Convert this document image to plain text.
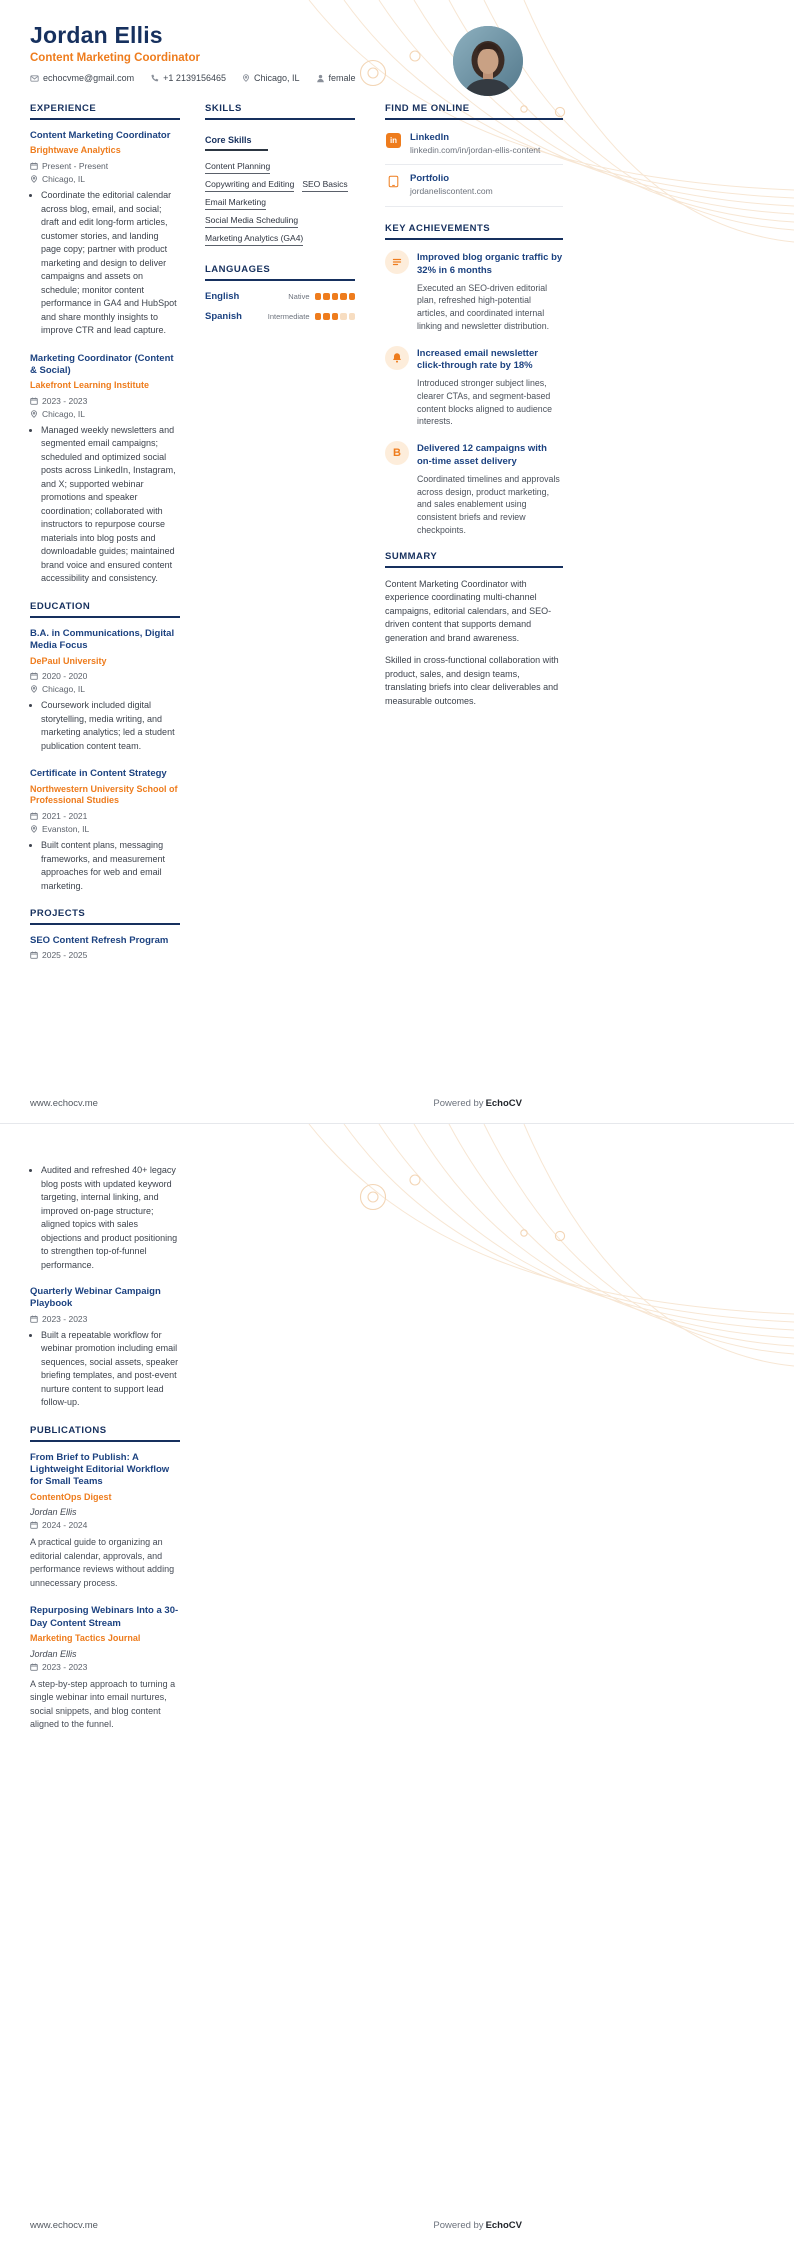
Jordan Ellis
Content Marketing Coordinator
echocvme@gmail.com	+1 2139156465	Chicago, IL	female
EXPERIENCE
Content Marketing Coordinator
Brightwave Analytics
Present - Present
Chicago, IL
• Coordinate the editorial calendar across blog, email, and social; draft and edit long-form articles, customer stories, and landing page copy; partner with product marketing and design to deliver campaigns and assets on schedule; monitor content performance in GA4 and HubSpot and share monthly insights to improve CTR and lead capture.
Marketing Coordinator (Content & Social)
Lakefront Learning Institute
2023 - 2023
Chicago, IL
• Managed weekly newsletters and segmented email campaigns; scheduled and optimized social posts across LinkedIn, Instagram, and X; supported webinar promotions and speaker coordination; collaborated with instructors to repurpose course materials into blog posts and downloadable guides; maintained brand voice and ensured content accessibility and consistency.
EDUCATION
B.A. in Communications, Digital Media Focus
DePaul University
2020 - 2020
Chicago, IL
• Coursework included digital storytelling, media writing, and marketing analytics; led a student publication content team.
Certificate in Content Strategy
Northwestern University School of Professional Studies
2021 - 2021
Evanston, IL
• Built content plans, messaging frameworks, and measurement approaches for web and email marketing.
PROJECTS
SEO Content Refresh Program
2025 - 2025
SKILLS
Core Skills
Content Planning
Copywriting and Editing SEO Basics
Email Marketing
Social Media Scheduling
Marketing Analytics (GA4)
LANGUAGES
English	Native
Spanish	Intermediate
FIND ME ONLINE
in	LinkedIn
linkedin.com/in/jordan-ellis-content
Portfolio
jordaneliscontent.com
KEY ACHIEVEMENTS
Improved blog organic traffic by 32% in 6 months
Executed an SEO-driven editorial plan, refreshed high-potential articles, and coordinated internal linking and newsletter distribution.
Increased email newsletter click-through rate by 18%
Introduced stronger subject lines, clearer CTAs, and segment-based content blocks aligned to audience interests.
B	Delivered 12 campaigns with on-time asset delivery
Coordinated timelines and approvals across design, product marketing, and sales enablement using consistent briefs and review checkpoints.
SUMMARY

Content Marketing Coordinator with experience coordinating multi-channel campaigns, editorial calendars, and SEO-driven content that supports demand generation and brand awareness.

Skilled in cross-functional collaboration with product, sales, and design teams, translating briefs into clear deliverables and measurable outcomes.

www.echocv.me	Powered by EchoCV
• Audited and refreshed 40+ legacy blog posts with updated keyword targeting, internal linking, and improved on-page structure; aligned topics with sales objections and product positioning to strengthen top-of-funnel performance.
Quarterly Webinar Campaign Playbook
2023 - 2023
• Built a repeatable workflow for webinar promotion including email sequences, social assets, speaker briefing templates, and post-event nurture content to support lead follow-up.
PUBLICATIONS
From Brief to Publish: A Lightweight Editorial Workflow for Small Teams
ContentOps Digest
Jordan Ellis
2024 - 2024

A practical guide to organizing an editorial calendar, approvals, and performance reviews without adding unnecessary process.

Repurposing Webinars Into a 30-Day Content Stream
Marketing Tactics Journal
Jordan Ellis
2023 - 2023

A step-by-step approach to turning a single webinar into email nurtures, social snippets, and blog content aligned to the funnel.

www.echocv.me	Powered by EchoCV
